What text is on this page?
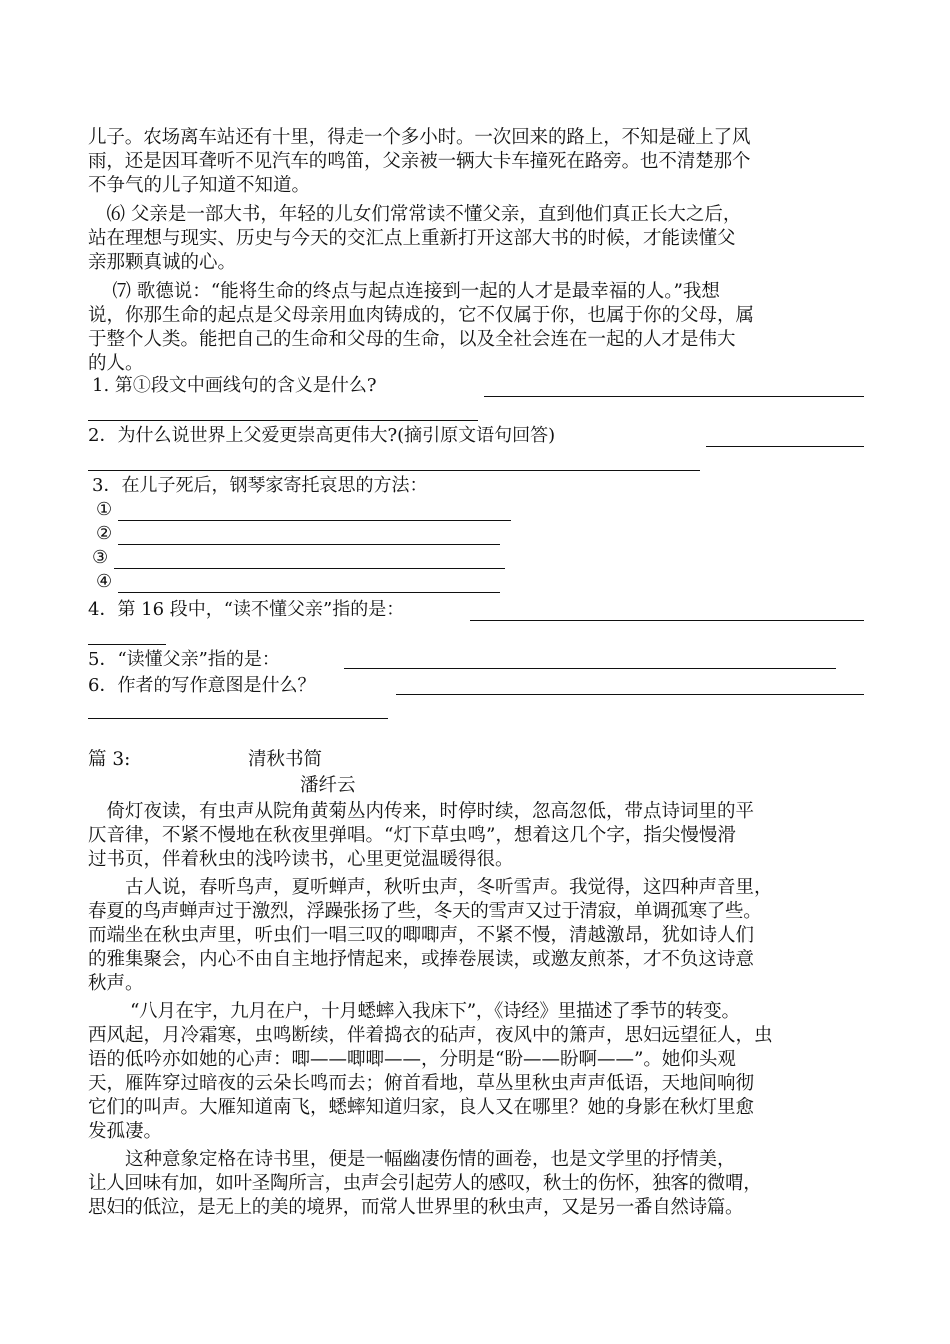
儿子。农场离车站还有十里，得走一个多小时。一次回来的路上，不知是碰上了风
雨，还是因耳聋听不见汽车的鸣笛，父亲被一辆大卡车撞死在路旁。也不清楚那个
不争气的儿子知道不知道。
　⑹ 父亲是一部大书，年轻的儿女们常常读不懂父亲，直到他们真正长大之后，
站在理想与现实、历史与今天的交汇点上重新打开这部大书的时候，才能读懂父
亲那颗真诚的心。
　 ⑺ 歌德说：“能将生命的终点与起点连接到一起的人才是最幸福的人。”我想
说，你那生命的起点是父母亲用血肉铸成的，它不仅属于你，也属于你的父母，属
于整个人类。能把自己的生命和父母的生命，以及全社会连在一起的人才是伟大
的人。
1. 第①段文中画线句的含义是什么?
2．为什么说世界上父爱更崇高更伟大?(摘引原文语句回答)
3．在儿子死后，钢琴家寄托哀思的方法：
①
②
③
④
4．第 16 段中，“读不懂父亲”指的是：
5．“读懂父亲”指的是：
6．作者的写作意图是什么？
篇 3:	清秋书简
潘纤云
　倚灯夜读，有虫声从院角黄菊丛内传来，时停时续，忽高忽低，带点诗词里的平
仄音律，不紧不慢地在秋夜里弹唱。“灯下草虫鸣”，想着这几个字，指尖慢慢滑
过书页，伴着秋虫的浅吟读书，心里更觉温暖得很。
　　古人说，春听鸟声，夏听蝉声，秋听虫声，冬听雪声。我觉得，这四种声音里，
春夏的鸟声蝉声过于激烈，浮躁张扬了些，冬天的雪声又过于清寂，单调孤寒了些。
而端坐在秋虫声里，听虫们一唱三叹的唧唧声，不紧不慢，清越激昂，犹如诗人们
的雅集聚会，内心不由自主地抒情起来，或捧卷展读，或邀友煎茶，才不负这诗意
秋声。
　　 “八月在宇，九月在户，十月蟋蟀入我床下”，《诗经》里描述了季节的转变。
西风起，月冷霜寒，虫鸣断续，伴着捣衣的砧声，夜风中的箫声，思妇远望征人，虫
语的低吟亦如她的心声：唧——唧唧——，分明是“盼——盼啊——”。她仰头观
天，雁阵穿过暗夜的云朵长鸣而去；俯首看地，草丛里秋虫声声低语，天地间响彻
它们的叫声。大雁知道南飞，蟋蟀知道归家，良人又在哪里？她的身影在秋灯里愈
发孤凄。
　　这种意象定格在诗书里，便是一幅幽凄伤情的画卷，也是文学里的抒情美，
让人回味有加，如叶圣陶所言，虫声会引起劳人的感叹，秋士的伤怀，独客的微喟，
思妇的低泣，是无上的美的境界，而常人世界里的秋虫声，又是另一番自然诗篇。
